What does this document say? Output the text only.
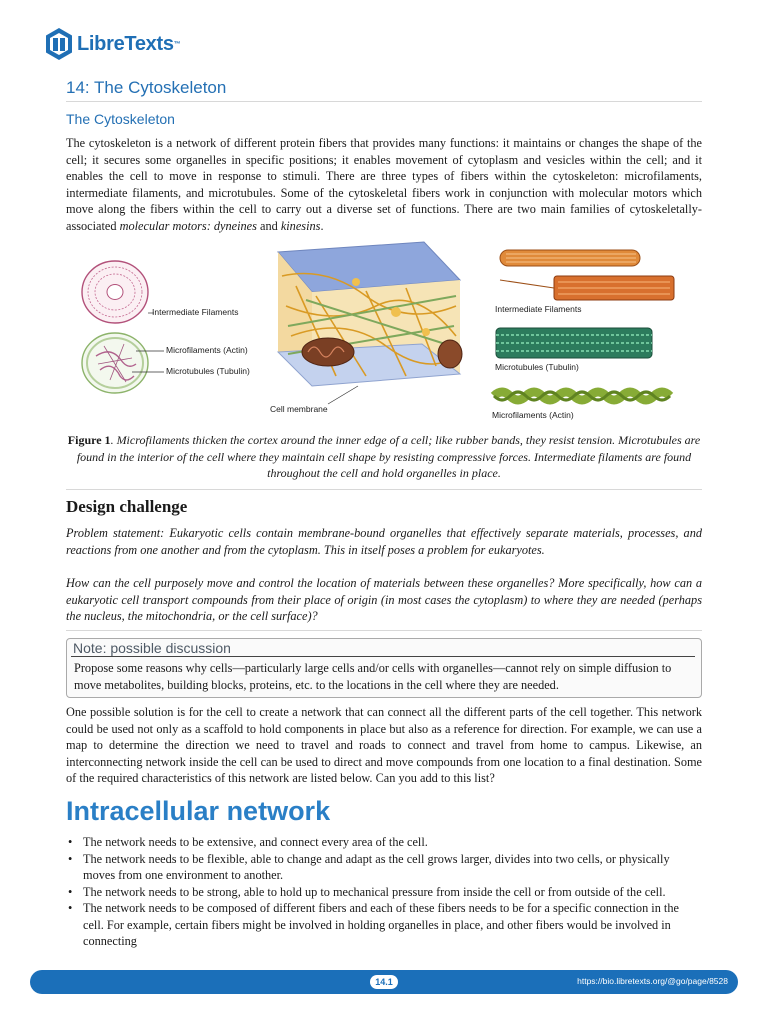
LibreTexts™
14: The Cytoskeleton
The Cytoskeleton

The cytoskeleton is a network of different protein fibers that provides many functions: it maintains or changes the shape of the cell; it secures some organelles in specific positions; it enables movement of cytoplasm and vesicles within the cell; and it enables the cell to move in response to stimuli. There are three types of fibers within the cytoskeleton: microfilaments, intermediate filaments, and microtubules. Some of the cytoskeletal fibers work in conjunction with molecular motors which move along the fibers within the cell to carry out a diverse set of functions. There are two main families of cytoskeletally-associated molecular motors: dyneines and kinesins.

Intermediate Filaments
Microfilaments (Actin)
Microtubules (Tubulin)
Cell membrane
Intermediate Filaments
Microtubules (Tubulin)
Microfilaments (Actin)
Figure 1. Microfilaments thicken the cortex around the inner edge of a cell; like rubber bands, they resist tension. Microtubules are found in the interior of the cell where they maintain cell shape by resisting compressive forces. Intermediate filaments are found throughout the cell and hold organelles in place.
Design challenge

Problem statement: Eukaryotic cells contain membrane-bound organelles that effectively separate materials, processes, and reactions from one another and from the cytoplasm. This in itself poses a problem for eukaryotes.

How can the cell purposely move and control the location of materials between these organelles? More specifically, how can a eukaryotic cell transport compounds from their place of origin (in most cases the cytoplasm) to where they are needed (perhaps the nucleus, the mitochondria, or the cell surface)?

Note: possible discussion
Propose some reasons why cells—particularly large cells and/or cells with organelles—cannot rely on simple diffusion to move metabolites, building blocks, proteins, etc. to the locations in the cell where they are needed.

One possible solution is for the cell to create a network that can connect all the different parts of the cell together. This network could be used not only as a scaffold to hold components in place but also as a reference for direction. For example, we can use a map to determine the direction we need to travel and roads to connect and travel from home to campus. Likewise, an interconnecting network inside the cell can be used to direct and move compounds from one location to a final destination. Some of the required characteristics of this network are listed below. Can you add to this list?

Intracellular network
• The network needs to be extensive, and connect every area of the cell.
• The network needs to be flexible, able to change and adapt as the cell grows larger, divides into two cells, or physically moves from one environment to another.
• The network needs to be strong, able to hold up to mechanical pressure from inside the cell or from outside of the cell.
• The network needs to be composed of different fibers and each of these fibers needs to be for a specific connection in the cell. For example, certain fibers might be involved in holding organelles in place, and other fibers would be involved in connecting
14.1	https://bio.libretexts.org/@go/page/8528
